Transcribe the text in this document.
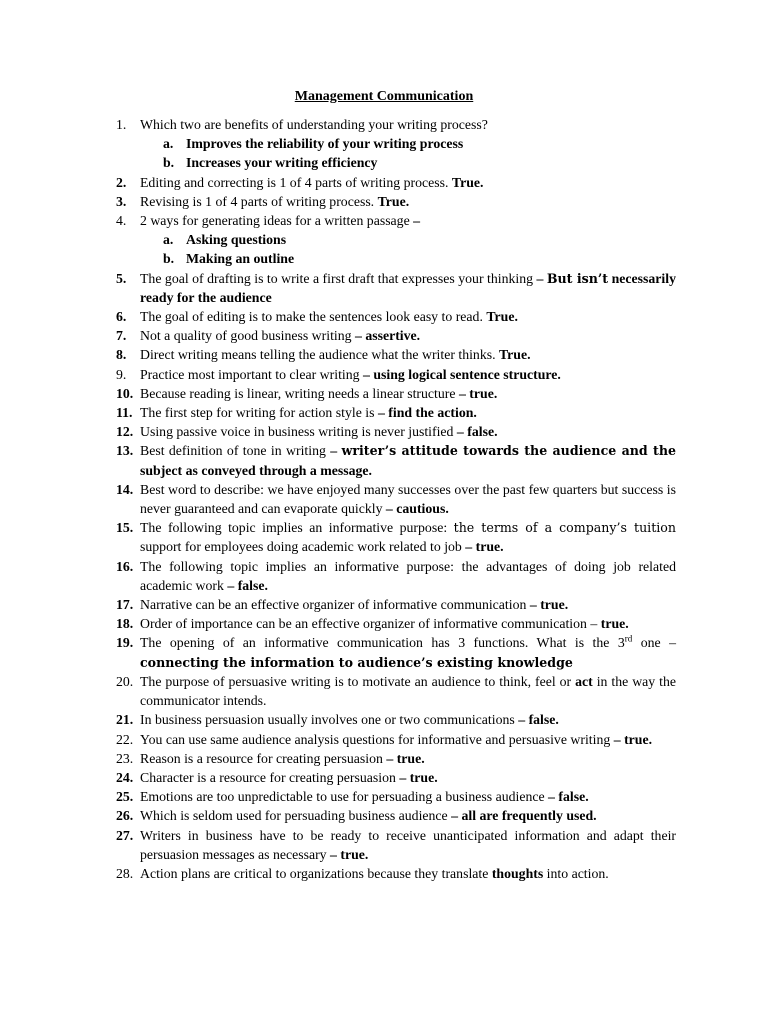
Management Communication
1. Which two are benefits of understanding your writing process?
a. Improves the reliability of your writing process
b. Increases your writing efficiency
2. Editing and correcting is 1 of 4 parts of writing process. True.
3. Revising is 1 of 4 parts of writing process. True.
4. 2 ways for generating ideas for a written passage –
a. Asking questions
b. Making an outline
5. The goal of drafting is to write a first draft that expresses your thinking – But isn’t necessarily ready for the audience
6. The goal of editing is to make the sentences look easy to read. True.
7. Not a quality of good business writing – assertive.
8. Direct writing means telling the audience what the writer thinks. True.
9. Practice most important to clear writing – using logical sentence structure.
10. Because reading is linear, writing needs a linear structure – true.
11. The first step for writing for action style is – find the action.
12. Using passive voice in business writing is never justified – false.
13. Best definition of tone in writing – writer’s attitude towards the audience and the subject as conveyed through a message.
14. Best word to describe: we have enjoyed many successes over the past few quarters but success is never guaranteed and can evaporate quickly – cautious.
15. The following topic implies an informative purpose: the terms of a company’s tuition support for employees doing academic work related to job – true.
16. The following topic implies an informative purpose: the advantages of doing job related academic work – false.
17. Narrative can be an effective organizer of informative communication – true.
18. Order of importance can be an effective organizer of informative communication – true.
19. The opening of an informative communication has 3 functions. What is the 3rd one – connecting the information to audience’s existing knowledge
20. The purpose of persuasive writing is to motivate an audience to think, feel or act in the way the communicator intends.
21. In business persuasion usually involves one or two communications – false.
22. You can use same audience analysis questions for informative and persuasive writing – true.
23. Reason is a resource for creating persuasion – true.
24. Character is a resource for creating persuasion – true.
25. Emotions are too unpredictable to use for persuading a business audience – false.
26. Which is seldom used for persuading business audience – all are frequently used.
27. Writers in business have to be ready to receive unanticipated information and adapt their persuasion messages as necessary – true.
28. Action plans are critical to organizations because they translate thoughts into action.
